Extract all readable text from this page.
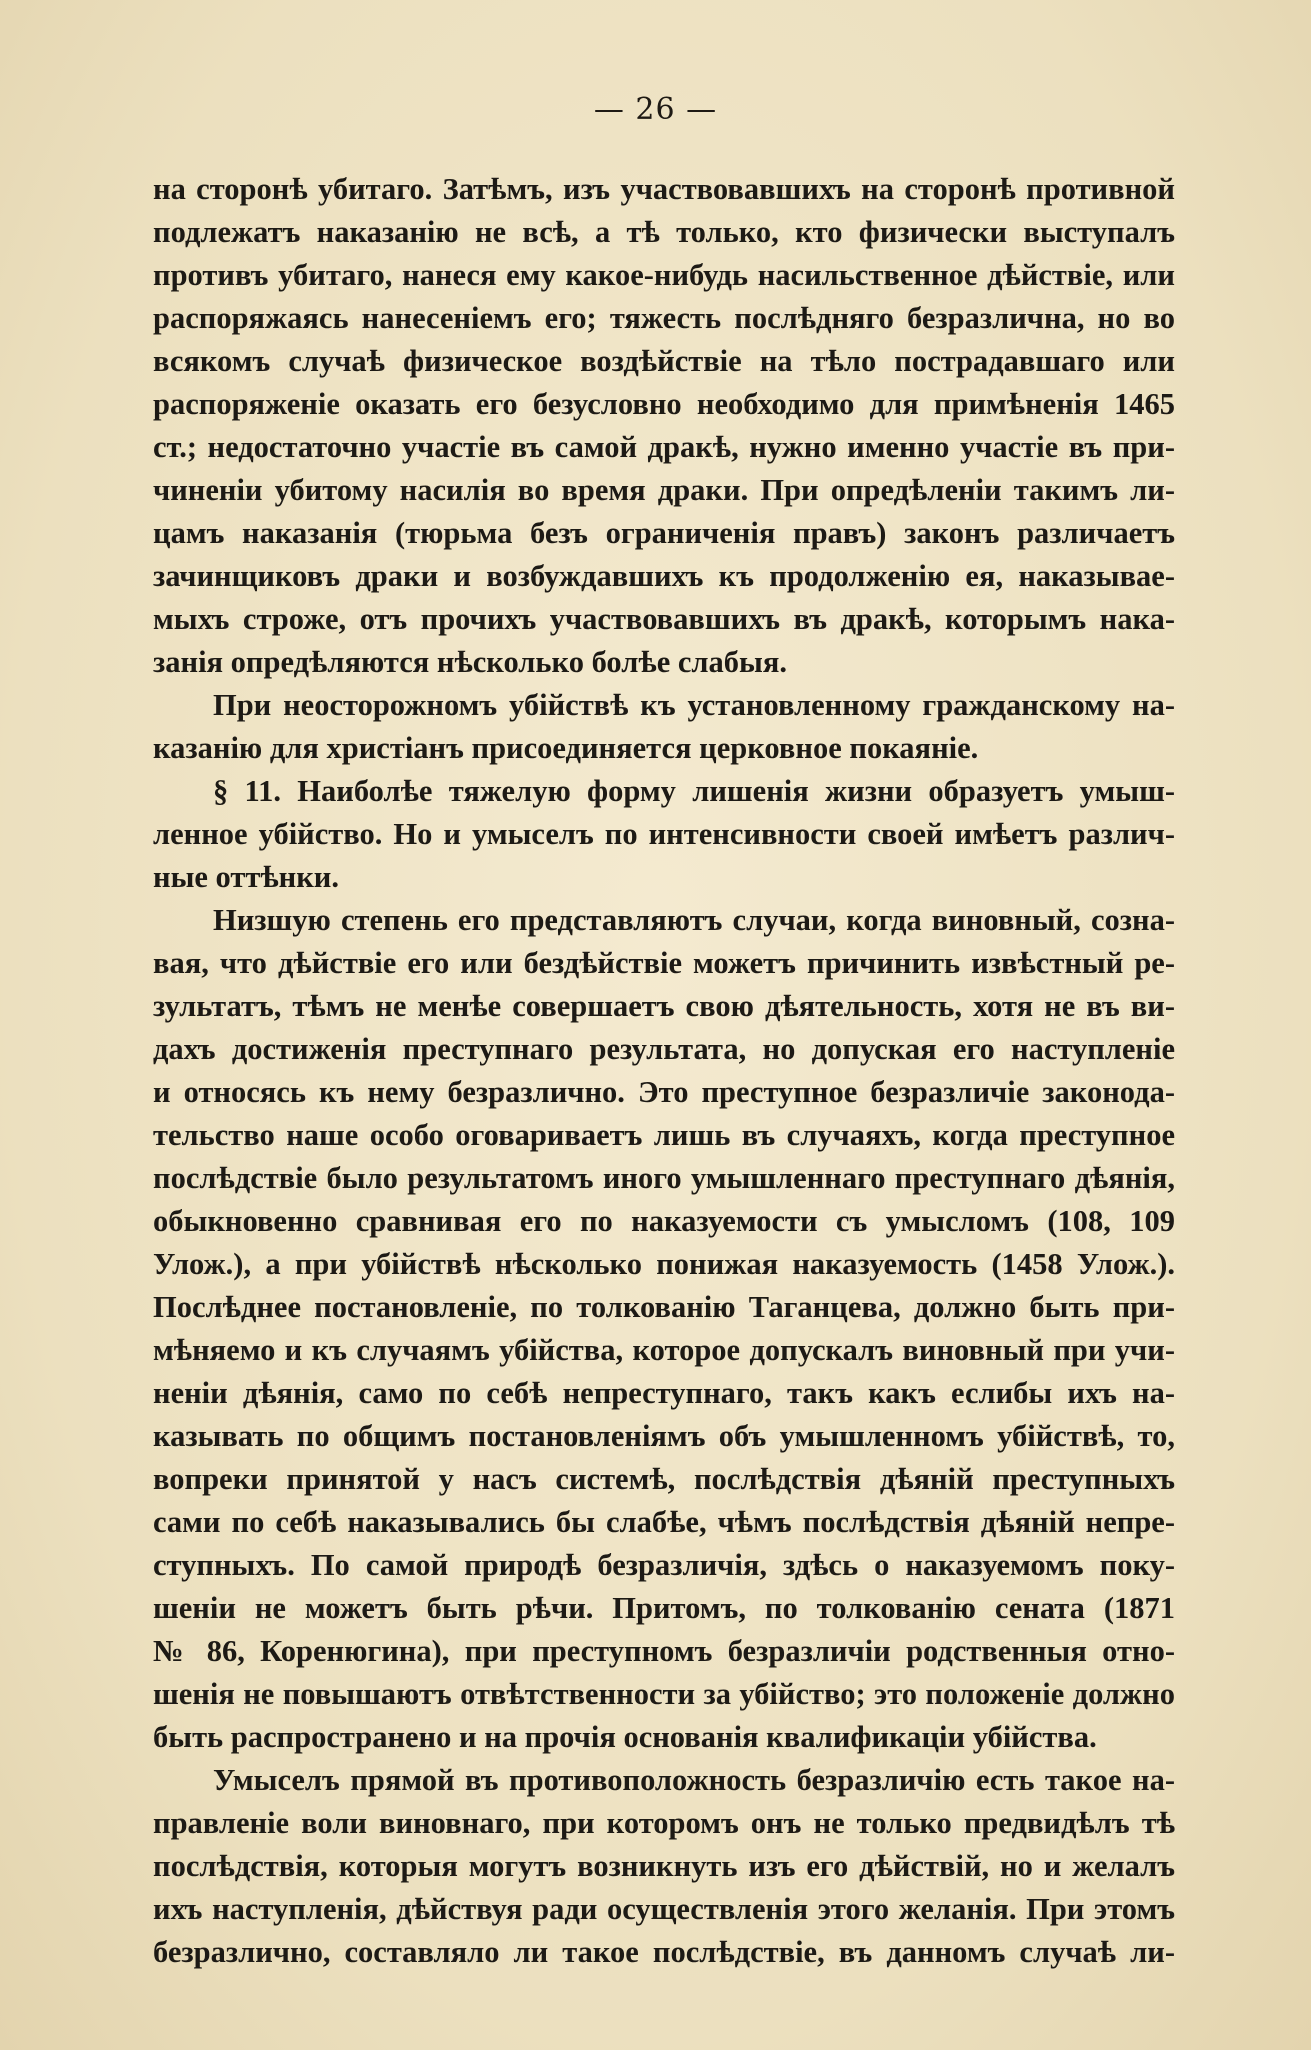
— 26 —
на сторонѣ убитаго. Затѣмъ, изъ участвовавшихъ на сторонѣ противной
подлежатъ наказанію не всѣ, а тѣ только, кто физически выступалъ
противъ убитаго, нанеся ему какое-нибудь насильственное дѣйствіе, или
распоряжаясь нанесеніемъ его; тяжесть послѣдняго безразлична, но во
всякомъ случаѣ физическое воздѣйствіе на тѣло пострадавшаго или
распоряженіе оказать его безусловно необходимо для примѣненія 1465
ст.; недостаточно участіе въ самой дракѣ, нужно именно участіе въ при-
чиненіи убитому насилія во время драки. При опредѣленіи такимъ ли-
цамъ наказанія (тюрьма безъ ограниченія правъ) законъ различаетъ
зачинщиковъ драки и возбуждавшихъ къ продолженію ея, наказывае-
мыхъ строже, отъ прочихъ участвовавшихъ въ дракѣ, которымъ нака-
занія опредѣляются нѣсколько болѣе слабыя.
При неосторожномъ убійствѣ къ установленному гражданскому на-
казанію для христіанъ присоединяется церковное покаяніе.
§ 11. Наиболѣе тяжелую форму лишенія жизни образуетъ умыш-
ленное убійство. Но и умыселъ по интенсивности своей имѣетъ различ-
ные оттѣнки.
Низшую степень его представляютъ случаи, когда виновный, созна-
вая, что дѣйствіе его или бездѣйствіе можетъ причинить извѣстный ре-
зультатъ, тѣмъ не менѣе совершаетъ свою дѣятельность, хотя не въ ви-
дахъ достиженія преступнаго результата, но допуская его наступленіе
и относясь къ нему безразлично. Это преступное безразличіе законода-
тельство наше особо оговариваетъ лишь въ случаяхъ, когда преступное
послѣдствіе было результатомъ иного умышленнаго преступнаго дѣянія,
обыкновенно сравнивая его по наказуемости съ умысломъ (108, 109
Улож.), а при убійствѣ нѣсколько понижая наказуемость (1458 Улож.).
Послѣднее постановленіе, по толкованію Таганцева, должно быть при-
мѣняемо и къ случаямъ убійства, которое допускалъ виновный при учи-
неніи дѣянія, само по себѣ непреступнаго, такъ какъ еслибы ихъ на-
казывать по общимъ постановленіямъ объ умышленномъ убійствѣ, то,
вопреки принятой у насъ системѣ, послѣдствія дѣяній преступныхъ
сами по себѣ наказывались бы слабѣе, чѣмъ послѣдствія дѣяній непре-
ступныхъ. По самой природѣ безразличія, здѣсь о наказуемомъ поку-
шеніи не можетъ быть рѣчи. Притомъ, по толкованію сената (1871
№ 86, Коренюгина), при преступномъ безразличіи родственныя отно-
шенія не повышаютъ отвѣтственности за убійство; это положеніе должно
быть распространено и на прочія основанія квалификаціи убійства.
Умыселъ прямой въ противоположность безразличію есть такое на-
правленіе воли виновнаго, при которомъ онъ не только предвидѣлъ тѣ
послѣдствія, которыя могутъ возникнуть изъ его дѣйствій, но и желалъ
ихъ наступленія, дѣйствуя ради осуществленія этого желанія. При этомъ
безразлично, составляло ли такое послѣдствіе, въ данномъ случаѣ ли-
